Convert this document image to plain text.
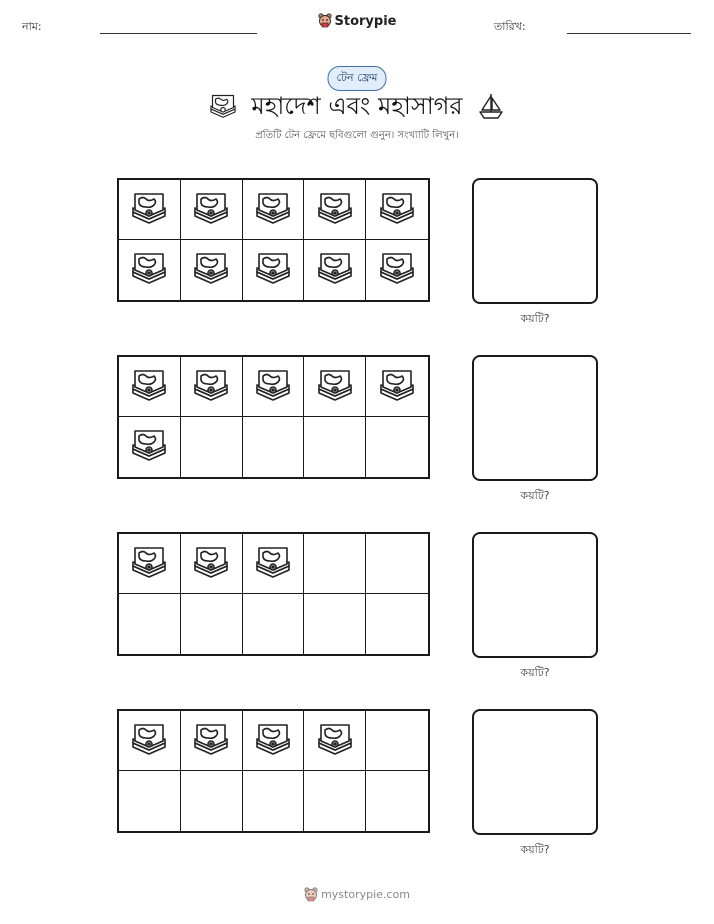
নাম:	Storypie	তারিখ:
টেন ফ্রেম
মহাদেশ এবং মহাসাগর
প্রতিটি টেন ফ্রেমে ছবিগুলো গুনুন। সংখ্যাটি লিখুন।
কয়টি?
কয়টি?
কয়টি?
কয়টি?
mystorypie.com
